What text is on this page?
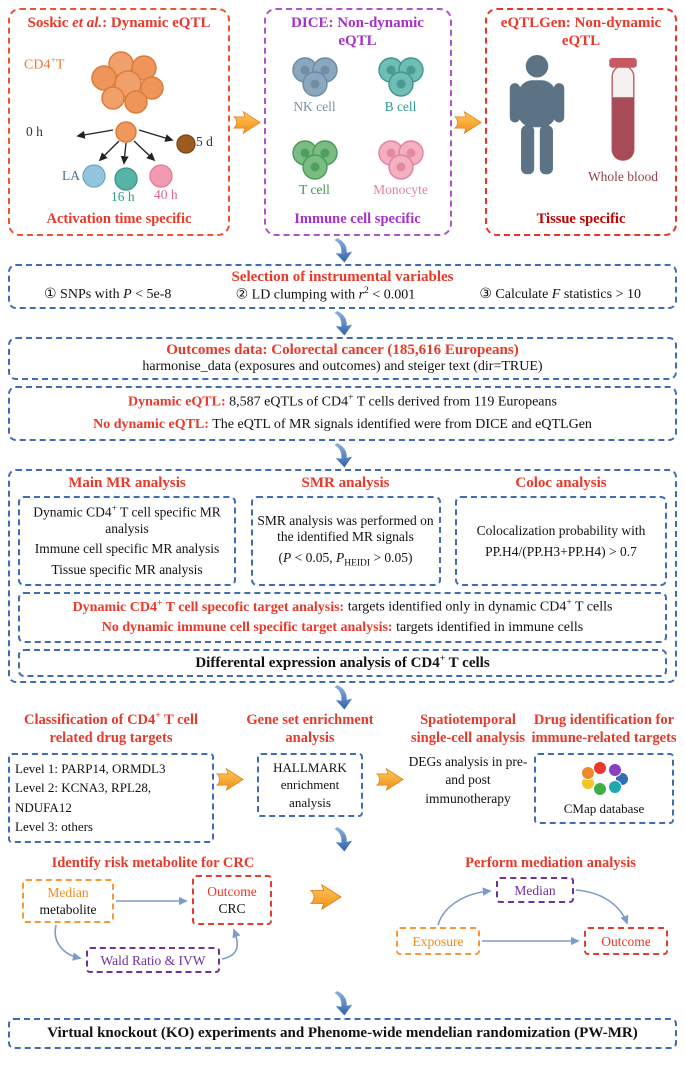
Soskic et al.: Dynamic eQTL
CD4+T
0 h
5 d
LA
16 h 40 h
Activation time specific
DICE: Non-dynamic eQTL
NK cell	B cell
T cell	Monocyte
Immune cell specific
eQTLGen: Non-dynamic eQTL
Whole blood
Tissue specific
Selection of instrumental variables
① SNPs with P < 5e-8	② LD clumping with $r^2 < 0.001$	③ Calculate F statistics > 10
Outcomes data: Colorectal cancer (185,616 Europeans)
harmonise_data (exposures and outcomes) and steiger text (dir=TRUE)
Dynamic eQTL: 8,587 eQTLs of CD4+ T cells derived from 119 Europeans
No dynamic eQTL: The eQTL of MR signals identified were from DICE and eQTLGen
Main MR analysis	SMR analysis	Coloc analysis
Dynamic CD4+ T cell specific MR analysis
Immune cell specific MR analysis
Tissue specific MR analysis
SMR analysis was performed on the identified MR signals
(P < 0.05, $P_{HEIDI} > 0.05$)
Colocalization probability with
PP.H4/(PP.H3+PP.H4) > 0.7
Dynamic CD4+ T cell specofic target analysis: targets identified only in dynamic CD4+ T cells
No dynamic immune cell specific target analysis: targets identified in immune cells
Differental expression analysis of CD4+ T cells
Classification of CD4+ T cell related drug targets
Level 1: PARP14, ORMDL3
Level 2: KCNA3, RPL28, NDUFA12
Level 3: others
Gene set enrichment analysis
HALLMARK enrichment analysis
Spatiotemporal single-cell analysis
DEGs analysis in pre- and post immunotherapy
Drug identification for immune-related targets
CMap database
Identify risk metabolite for CRC
Median
metabolite
Outcome
CRC
Wald Ratio & IVW
Perform mediation analysis
Median
Exposure	Outcome
Virtual knockout (KO) experiments and Phenome-wide mendelian randomization (PW-MR)
